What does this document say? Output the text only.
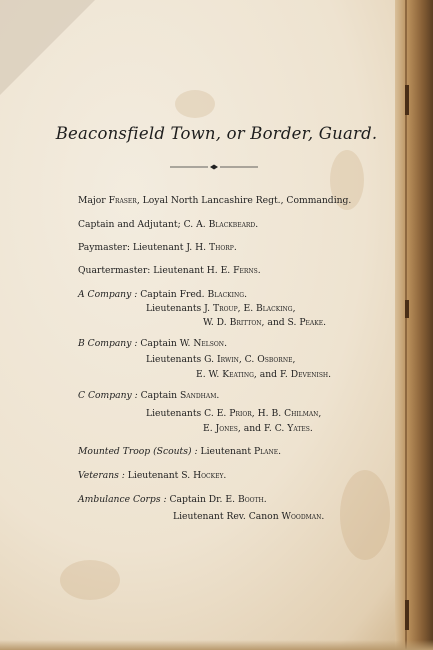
Beaconsfield Town, or Border, Guard.
Major Fraser, Loyal North Lancashire Regt., Commanding.
Captain and Adjutant; C. A. Blackbeard.
Paymaster: Lieutenant J. H. Thorp.
Quartermaster: Lieutenant H. E. Ferns.
A Company : Captain Fred. Blacking.
Lieutenants J. Troup, E. Blacking,
W. D. Britton, and S. Peake.
B Company : Captain W. Nelson.
Lieutenants G. Irwin, C. Osborne,
E. W. Keating, and F. Devenish.
C Company : Captain Sandham.
Lieutenants C. E. Prior, H. B. Chilman,
E. Jones, and F. C. Yates.
Mounted Troop (Scouts) : Lieutenant Plane.
Veterans : Lieutenant S. Hockey.
Ambulance Corps : Captain Dr. E. Booth.
Lieutenant Rev. Canon Woodman.
